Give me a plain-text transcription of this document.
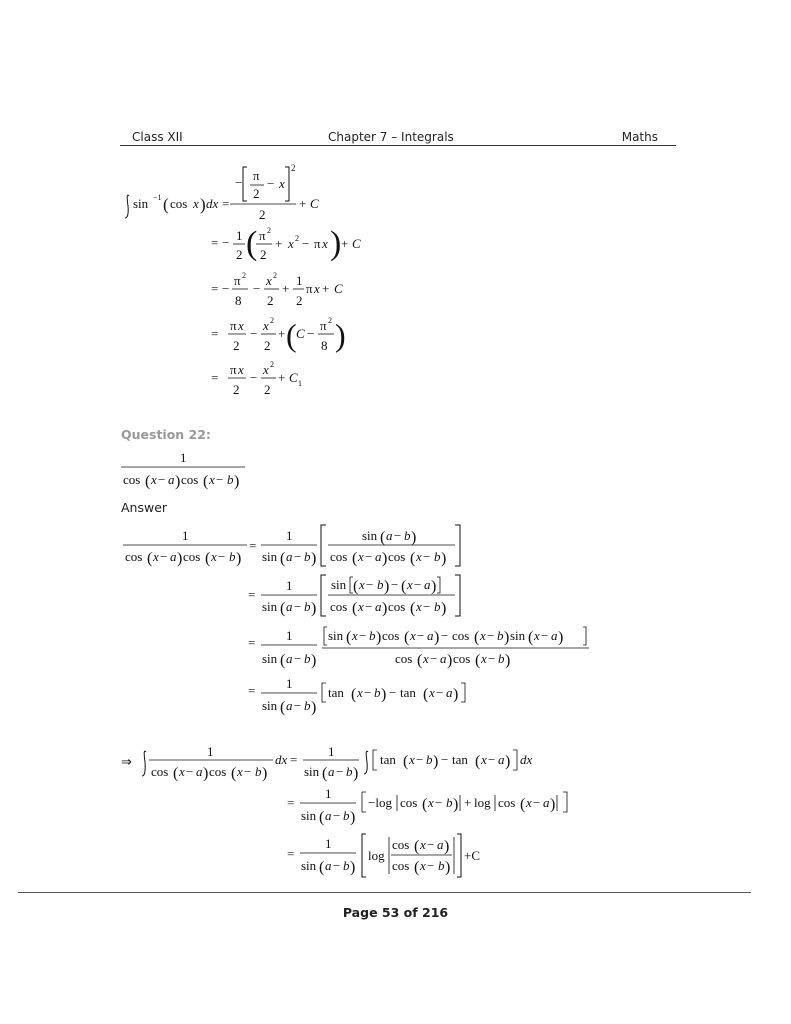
Class XII	Chapter 7 – Integrals	Maths
sin −1 ( cos x ) dx =
− π
2
− x
2
2
+ C
= − 1
2 ( π 2
2
+ x 2 − π x ) + C
= −
π 2
8
−
x 2
2
+
1
2
π x + C
=
π x
2
−
x 2
2
+ ( C −
π 2
8 )
=
π x
2
−
x 2
2
+ C 1
1
cos ( x − a ) cos ( x − b )
1
cos ( x − a ) cos ( x − b )
=
1
sin ( a − b )
sin ( a − b )
cos ( x − a ) cos ( x − b )
=
1
sin ( a − b )
sin ( x − b ) − ( x − a )
cos ( x − a ) cos ( x − b )
= 1
sin ( a − b )
sin ( x − b ) cos ( x − a ) − cos ( x − b ) sin ( x − a )
cos ( x − a ) cos ( x − b )
= 1
sin ( a − b )
tan ( x − b ) − tan ( x − a )
⇒
1
cos ( x − a ) cos ( x − b )
dx =
1
sin ( a − b )
tan ( x − b ) − tan ( x − a ) dx
=
1
sin ( a − b )
−log cos ( x − b ) + log cos ( x − a )
=
1
sin ( a − b )
log
cos ( x − a )
cos ( x − b )
+C
Question 22:
Answer
Page 53 of 216
